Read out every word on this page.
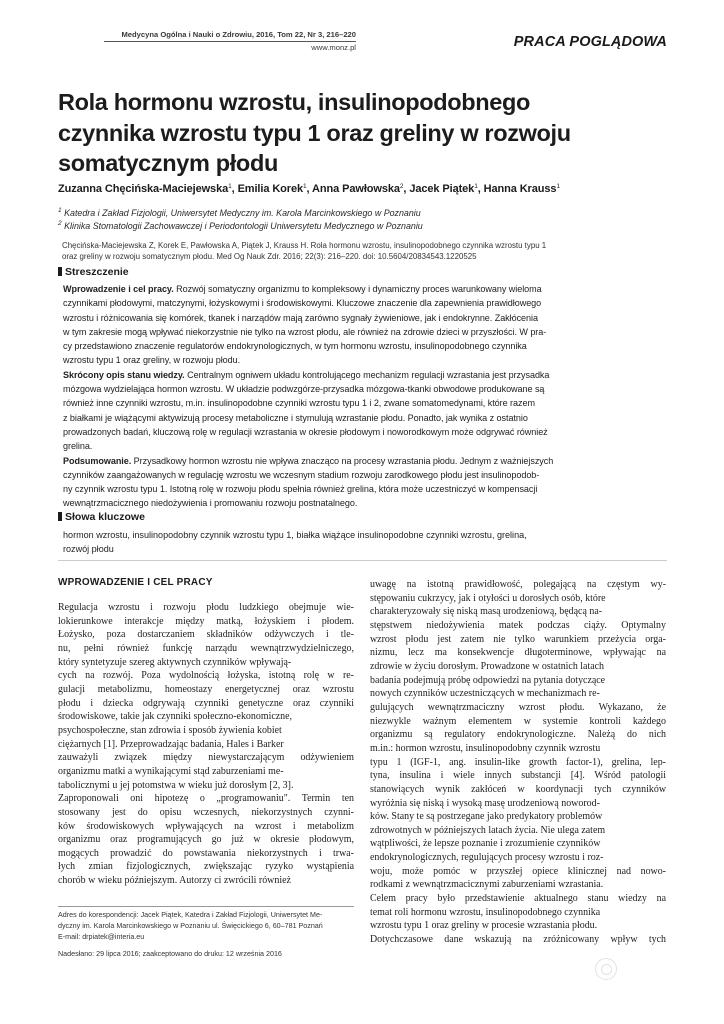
Medycyna Ogólna i Nauki o Zdrowiu, 2016, Tom 22, Nr 3, 216–220
www.monz.pl	PRACA POGLĄDOWA
Rola hormonu wzrostu, insulinopodobnego
czynnika wzrostu typu 1 oraz greliny w rozwoju
somatycznym płodu
Zuzanna Chęcińska-Maciejewska$^1$, Emilia Korek$^1$, Anna Pawłowska$^2$, Jacek Piątek$^1$, Hanna Krauss$^1$
$^1$ Katedra i Zakład Fizjologii, Uniwersytet Medyczny im. Karola Marcinkowskiego w Poznaniu
$^2$ Klinika Stomatologii Zachowawczej i Periodontologii Uniwersytetu Medycznego w Poznaniu
Chęcińska-Maciejewska Z, Korek E, Pawłowska A, Piątek J, Krauss H. Rola hormonu wzrostu, insulinopodobnego czynnika wzrostu typu 1
oraz greliny w rozwoju somatycznym płodu. Med Og Nauk Zdr. 2016; 22(3): 216–220. doi: 10.5604/20834543.1220525
Streszczenie
Wprowadzenie i cel pracy. Rozwój somatyczny organizmu to kompleksowy i dynamiczny proces warunkowany wieloma
czynnikami płodowymi, matczynymi, łożyskowymi i środowiskowymi. Kluczowe znaczenie dla zapewnienia prawidłowego
wzrostu i różnicowania się komórek, tkanek i narządów mają zarówno sygnały żywieniowe, jak i endokrynne. Zakłócenia
w tym zakresie mogą wpływać niekorzystnie nie tylko na wzrost płodu, ale również na zdrowie dzieci w przyszłości. W pra-
cy przedstawiono znaczenie regulatorów endokrynologicznych, w tym hormonu wzrostu, insulinopodobnego czynnika
wzrostu typu 1 oraz greliny, w rozwoju płodu.
Skrócony opis stanu wiedzy. Centralnym ogniwem układu kontrolującego mechanizm regulacji wzrastania jest przysadka
mózgowa wydzielająca hormon wzrostu. W układzie podwzgórze-przysadka mózgowa-tkanki obwodowe produkowane są
również inne czynniki wzrostu, m.in. insulinopodobne czynniki wzrostu typu 1 i 2, zwane somatomedynami, które razem
z białkami je wiążącymi aktywizują procesy metaboliczne i stymulują wzrastanie płodu. Ponadto, jak wynika z ostatnio
prowadzonych badań, kluczową rolę w regulacji wzrastania w okresie płodowym i noworodkowym może odgrywać również
grelina.
Podsumowanie. Przysadkowy hormon wzrostu nie wpływa znacząco na procesy wzrastania płodu. Jednym z ważniejszych
czynników zaangażowanych w regulację wzrostu we wczesnym stadium rozwoju zarodkowego płodu jest insulinopodob-
ny czynnik wzrostu typu 1. Istotną rolę w rozwoju płodu spełnia również grelina, która może uczestniczyć w kompensacji
wewnątrzmacicznego niedożywienia i promowaniu rozwoju postnatalnego.
Słowa kluczowe
hormon wzrostu, insulinopodobny czynnik wzrostu typu 1, białka wiążące insulinopodobne czynniki wzrostu, grelina,
rozwój płodu
WPROWADZENIE I CEL PRACY
Regulacja wzrostu i rozwoju płodu ludzkiego obejmuje wie-
lokierunkowe interakcje między matką, łożyskiem i płodem.
Łożysko, poza dostarczaniem składników odżywczych i tle-
nu, pełni również funkcję narządu wewnątrzwydzielniczego,
który syntetyzuje szereg aktywnych czynników wpływają-
cych na rozwój. Poza wydolnością łożyska, istotną rolę w re-
gulacji metabolizmu, homeostazy energetycznej oraz wzrostu
płodu i dziecka odgrywają czynniki genetyczne oraz czynniki
środowiskowe, takie jak czynniki społeczno-ekonomiczne,
psychospołeczne, stan zdrowia i sposób żywienia kobiet
ciężarnych [1]. Przeprowadzając badania, Hales i Barker
zauważyli związek między niewystarczającym odżywieniem
organizmu matki a wynikającymi stąd zaburzeniami me-
tabolicznymi u jej potomstwa w wieku już dorosłym [2, 3].
Zaproponowali oni hipotezę o „programowaniu". Termin ten
stosowany jest do opisu wczesnych, niekorzystnych czynni-
ków środowiskowych wpływających na wzrost i metabolizm
organizmu oraz programujących go już w okresie płodowym,
mogących prowadzić do powstawania niekorzystnych i trwa-
łych zmian fizjologicznych, zwiększając ryzyko wystąpienia
chorób w wieku późniejszym. Autorzy ci zwrócili również
uwagę na istotną prawidłowość, polegającą na częstym wy-
stępowaniu cukrzycy, jak i otyłości u dorosłych osób, które
charakteryzowały się niską masą urodzeniową, będącą na-
stępstwem niedożywienia matek podczas ciąży. Optymalny
wzrost płodu jest zatem nie tylko warunkiem przeżycia orga-
nizmu, lecz ma konsekwencje długoterminowe, wpływając na
zdrowie w życiu dorosłym. Prowadzone w ostatnich latach
badania podejmują próbę odpowiedzi na pytania dotyczące
nowych czynników uczestniczących w mechanizmach re-
gulujących wewnątrzmaciczny wzrost płodu. Wykazano, że
niezwykle ważnym elementem w systemie kontroli każdego
organizmu są regulatory endokrynologiczne. Należą do nich
m.in.: hormon wzrostu, insulinopodobny czynnik wzrostu
typu 1 (IGF-1, ang. insulin-like growth factor-1), grelina, lep-
tyna, insulina i wiele innych substancji [4]. Wśród patologii
stanowiących wynik zakłóceń w koordynacji tych czynników
wyróżnia się niską i wysoką masę urodzeniową noworod-
ków. Stany te są postrzegane jako predykatory problemów
zdrowotnych w późniejszych latach życia. Nie ulega zatem
wątpliwości, że lepsze poznanie i zrozumienie czynników
endokrynologicznych, regulujących procesy wzrostu i roz-
woju, może pomóc w przyszłej opiece klinicznej nad nowo-
rodkami z wewnątrzmacicznymi zaburzeniami wzrastania.
Celem pracy było przedstawienie aktualnego stanu wiedzy na
temat roli hormonu wzrostu, insulinopodobnego czynnika
wzrostu typu 1 oraz greliny w procesie wzrastania płodu.
Dotychczasowe dane wskazują na zróżnicowany wpływ tych
Adres do korespondencji: Jacek Piątek, Katedra i Zakład Fizjologii, Uniwersytet Me-
dyczny im. Karola Marcinkowskiego w Poznaniu ul. Święcickiego 6, 60–781 Poznań
E-mail: drpiatek@interia.eu
Nadesłano: 29 lipca 2016; zaakceptowano do druku: 12 września 2016
